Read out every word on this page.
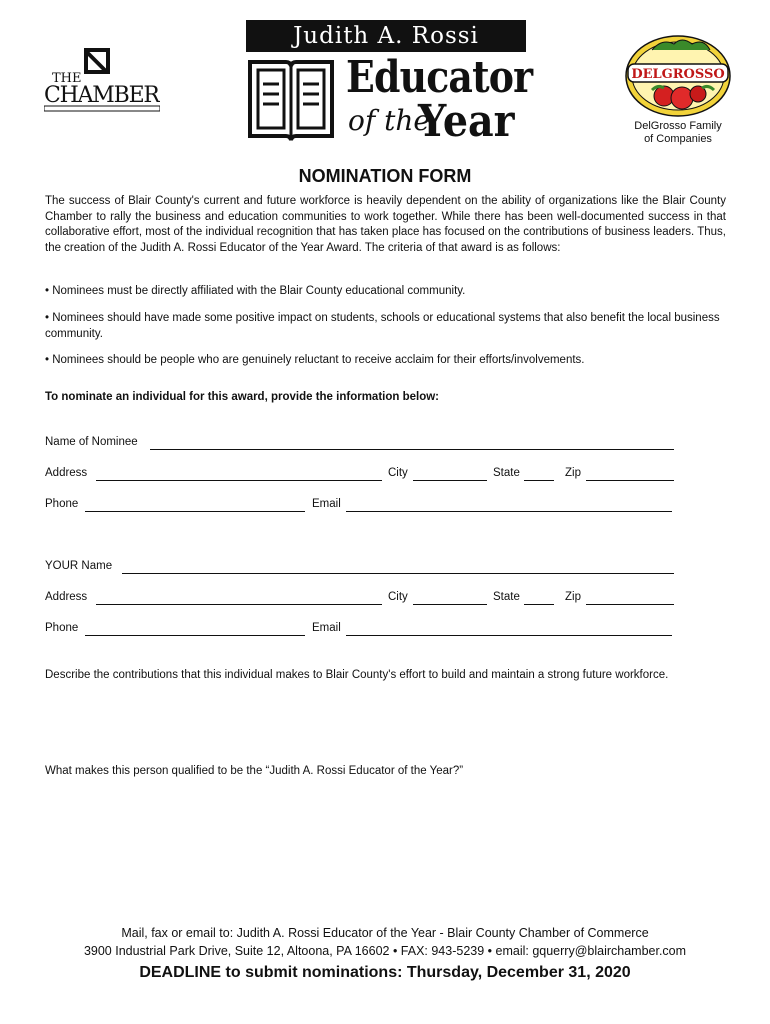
THE
CHAMBER
Judith A. Rossi
Educator
of the
Year
DELGROSSO
DelGrosso Family
of Companies
NOMINATION FORM
The success of Blair County's current and future workforce is heavily dependent on the ability of organizations like the Blair County Chamber to rally the business and education communities to work together. While there has been well-documented success in that collaborative effort, most of the individual recognition that has taken place has focused on the contributions of business leaders. Thus, the creation of the Judith A. Rossi Educator of the Year Award. The criteria of that award is as follows:
• Nominees must be directly affiliated with the Blair County educational community.
• Nominees should have made some positive impact on students, schools or educational systems that also benefit the local business community.
• Nominees should be people who are genuinely reluctant to receive acclaim for their efforts/involvements.
To nominate an individual for this award, provide the information below:
Name of Nominee
Address	City	State	Zip
Phone	Email
YOUR Name
Address	City	State	Zip
Phone	Email
Describe the contributions that this individual makes to Blair County's effort to build and maintain a strong future workforce.
What makes this person qualified to be the “Judith A. Rossi Educator of the Year?”
Mail, fax or email to: Judith A. Rossi Educator of the Year - Blair County Chamber of Commerce
3900 Industrial Park Drive, Suite 12, Altoona, PA 16602 • FAX: 943-5239 • email: gquerry@blairchamber.com
DEADLINE to submit nominations: Thursday, December 31, 2020
